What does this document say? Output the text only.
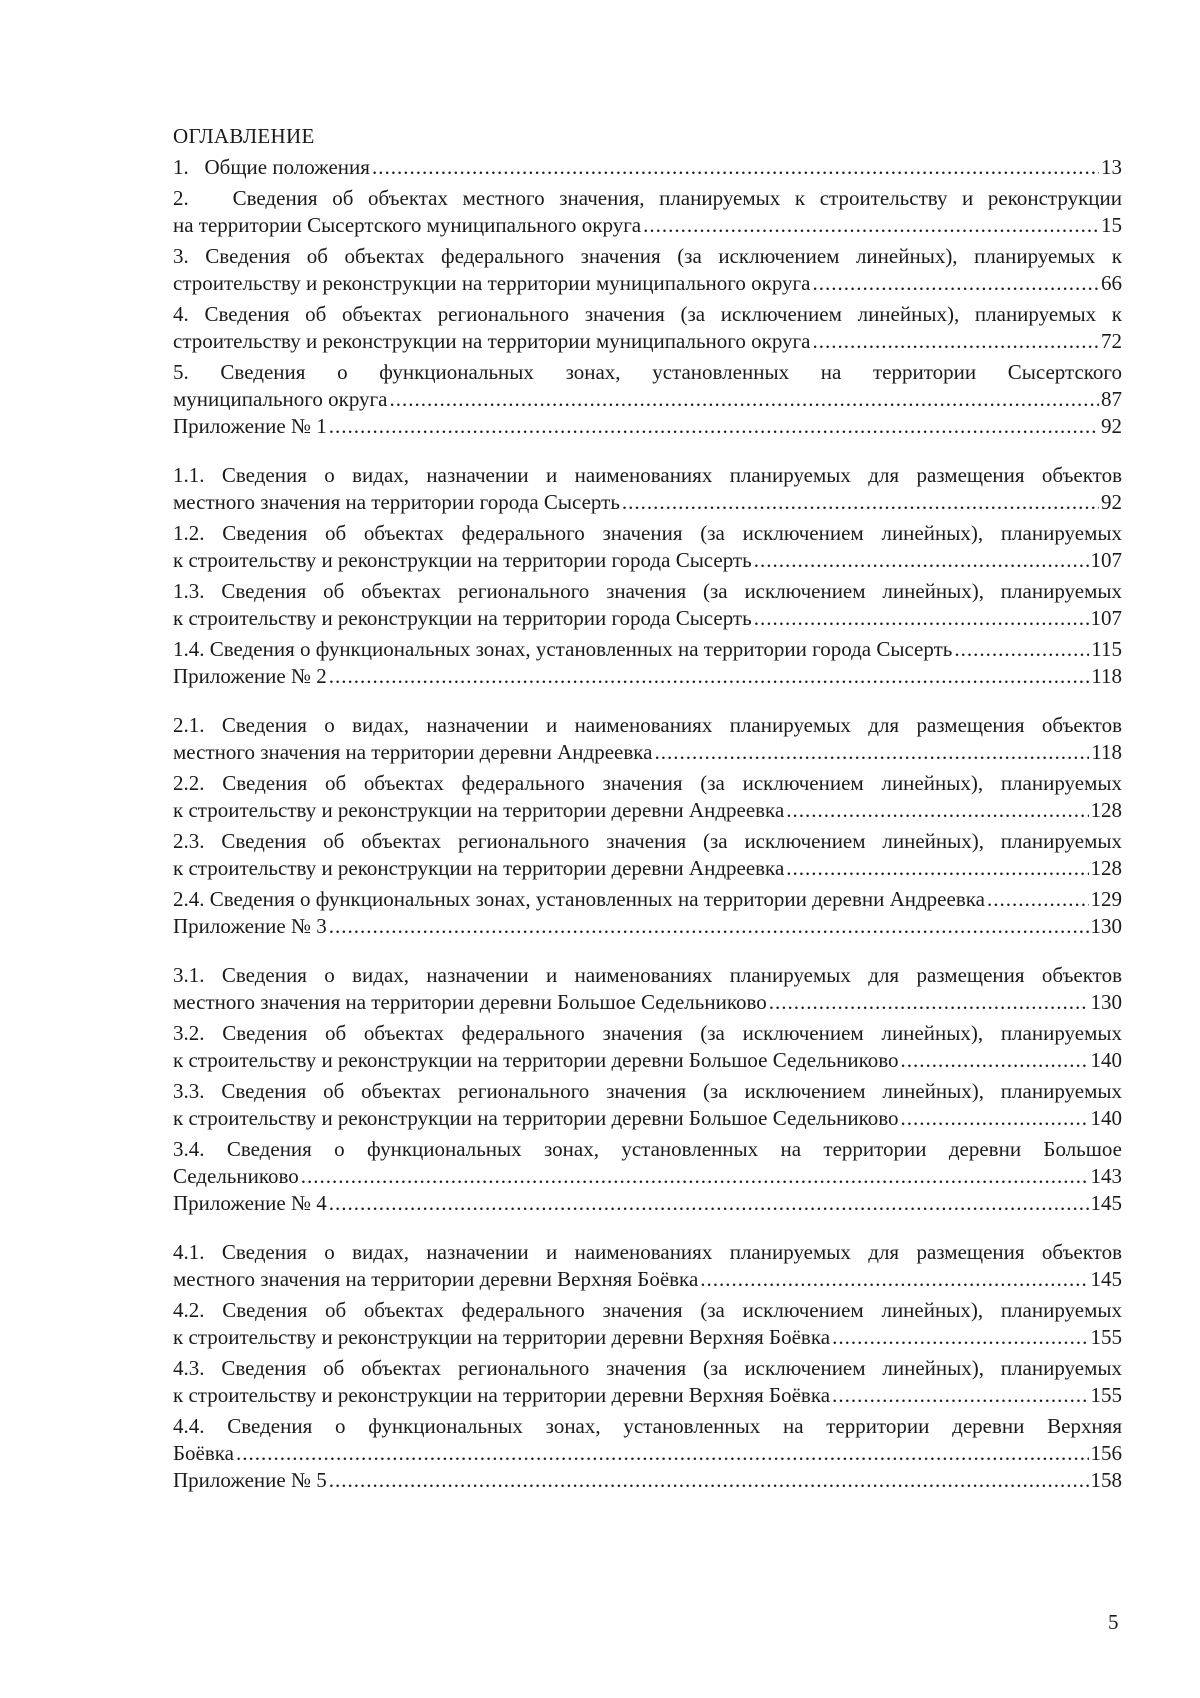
ОГЛАВЛЕНИЕ
1.   Общие положения .....	13
2.   Сведения об объектах местного значения, планируемых к строительству и реконструкции
на территории Сысертского муниципального округа .....	15
3. Сведения об объектах федерального значения (за исключением линейных), планируемых к
строительству и реконструкции на территории муниципального округа .....	66
4. Сведения об объектах регионального значения (за исключением линейных), планируемых к
строительству и реконструкции на территории муниципального округа .....	72
5. Сведения о функциональных зонах, установленных на территории Сысертского
муниципального округа .....	87
Приложение № 1 .....	92
1.1. Сведения о видах, назначении и наименованиях планируемых для размещения объектов
местного значения на территории города Сысерть .....	92
1.2. Сведения об объектах федерального значения (за исключением линейных), планируемых
к строительству и реконструкции на территории города Сысерть .....	107
1.3. Сведения об объектах регионального значения (за исключением линейных), планируемых
к строительству и реконструкции на территории города Сысерть .....	107
1.4. Сведения о функциональных зонах, установленных на территории города Сысерть .....	115
Приложение № 2 .....	118
2.1. Сведения о видах, назначении и наименованиях планируемых для размещения объектов
местного значения на территории деревни Андреевка .....	118
2.2. Сведения об объектах федерального значения (за исключением линейных), планируемых
к строительству и реконструкции на территории деревни Андреевка .....	128
2.3. Сведения об объектах регионального значения (за исключением линейных), планируемых
к строительству и реконструкции на территории деревни Андреевка .....	128
2.4. Сведения о функциональных зонах, установленных на территории деревни Андреевка .....	129
Приложение № 3 .....	130
3.1. Сведения о видах, назначении и наименованиях планируемых для размещения объектов
местного значения на территории деревни Большое Седельниково .....	130
3.2. Сведения об объектах федерального значения (за исключением линейных), планируемых
к строительству и реконструкции на территории деревни Большое Седельниково .....	140
3.3. Сведения об объектах регионального значения (за исключением линейных), планируемых
к строительству и реконструкции на территории деревни Большое Седельниково .....	140
3.4. Сведения о функциональных зонах, установленных на территории деревни Большое
Седельниково .....	143
Приложение № 4 .....	145
4.1. Сведения о видах, назначении и наименованиях планируемых для размещения объектов
местного значения на территории деревни Верхняя Боёвка .....	145
4.2. Сведения об объектах федерального значения (за исключением линейных), планируемых
к строительству и реконструкции на территории деревни Верхняя Боёвка .....	155
4.3. Сведения об объектах регионального значения (за исключением линейных), планируемых
к строительству и реконструкции на территории деревни Верхняя Боёвка .....	155
4.4. Сведения о функциональных зонах, установленных на территории деревни Верхняя
Боёвка .....	156
Приложение № 5 .....	158
5
